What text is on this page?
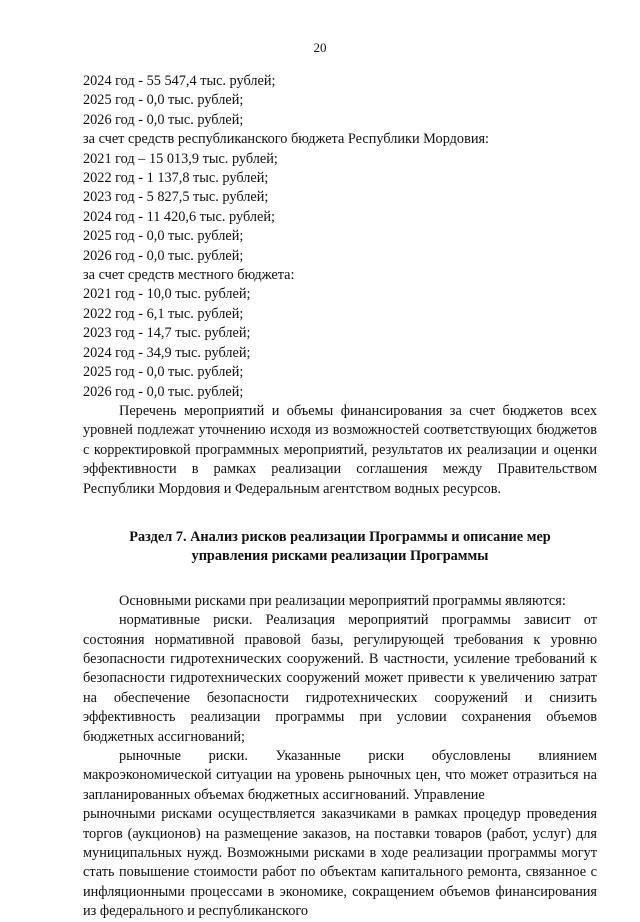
20
2024 год - 55 547,4 тыс. рублей;
2025 год - 0,0 тыс. рублей;
2026 год - 0,0 тыс. рублей;
за счет средств республиканского бюджета Республики Мордовия:
2021 год – 15 013,9 тыс. рублей;
2022 год - 1 137,8 тыс. рублей;
2023 год - 5 827,5 тыс. рублей;
2024 год - 11 420,6 тыс. рублей;
2025 год - 0,0 тыс. рублей;
2026 год - 0,0 тыс. рублей;
за счет средств местного бюджета:
2021 год - 10,0 тыс. рублей;
2022 год - 6,1 тыс. рублей;
2023 год - 14,7 тыс. рублей;
2024 год - 34,9 тыс. рублей;
2025 год - 0,0 тыс. рублей;
2026 год - 0,0 тыс. рублей;

Перечень мероприятий и объемы финансирования за счет бюджетов всех уровней подлежат уточнению исходя из возможностей соответствующих бюджетов с корректировкой программных мероприятий, результатов их реализации и оценки эффективности в рамках реализации соглашения между Правительством Республики Мордовия и Федеральным агентством водных ресурсов.

Раздел 7. Анализ рисков реализации Программы и описание мер
управления рисками реализации Программы

Основными рисками при реализации мероприятий программы являются:

нормативные риски. Реализация мероприятий программы зависит от состояния нормативной правовой базы, регулирующей требования к уровню безопасности гидротехнических сооружений. В частности, усиление требований к безопасности гидротехнических сооружений может привести к увеличению затрат на обеспечение безопасности гидротехнических сооружений и снизить эффективность реализации программы при условии сохранения объемов бюджетных ассигнований;

рыночные риски. Указанные риски обусловлены влиянием макроэкономической ситуации на уровень рыночных цен, что может отразиться на запланированных объемах бюджетных ассигнований. Управление

рыночными рисками осуществляется заказчиками в рамках процедур проведения торгов (аукционов) на размещение заказов, на поставки товаров (работ, услуг) для муниципальных нужд. Возможными рисками в ходе реализации программы могут стать повышение стоимости работ по объектам капитального ремонта, связанное с инфляционными процессами в экономике, сокращением объемов финансирования из федерального и республиканского
